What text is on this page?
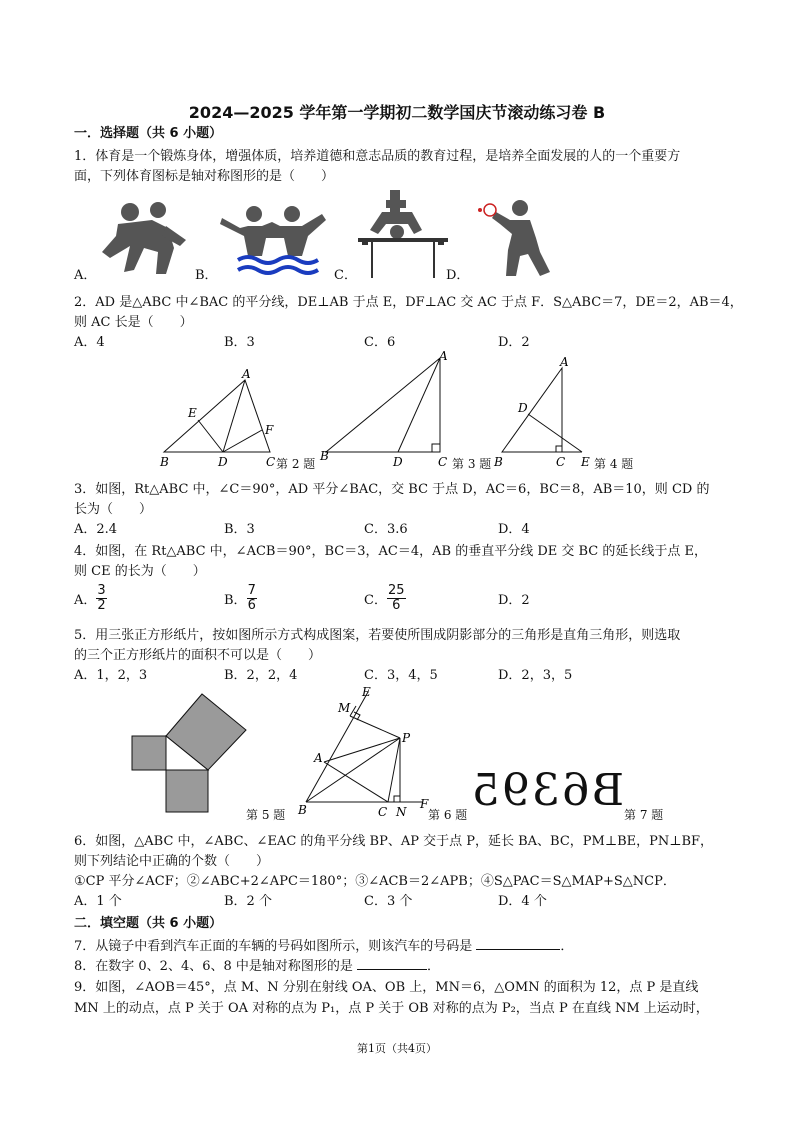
2024—2025 学年第一学期初二数学国庆节滚动练习卷 B
一．选择题（共 6 小题）
1．体育是一个锻炼身体，增强体质，培养道德和意志品质的教育过程，是培养全面发展的人的一个重要方
面，下列体育图标是轴对称图形的是（　　）
A．	B．	C．	D．
2．AD 是△ABC 中∠BAC 的平分线，DE⊥AB 于点 E，DF⊥AC 交 AC 于点 F．S△ABC＝7，DE＝2，AB＝4，
则 AC 长是（　　）
A．4	B．3	C．6	D．2
A
E
F
B	D	C 第 2 题
A
B	D	C 第 3 题
A
D
B	C E 第 4 题
3．如图，Rt△ABC 中，∠C＝90°，AD 平分∠BAC，交 BC 于点 D，AC＝6，BC＝8，AB＝10，则 CD 的
长为（　　）
A．2.4	B．3	C．3.6	D．4
4．如图，在 Rt△ABC 中，∠ACB＝90°，BC＝3，AC＝4，AB 的垂直平分线 DE 交 BC 的延长线于点 E，
则 CE 的长为（　　）
A． $\frac{3}{2}$	B． $\frac{7}{6}$	C． $\frac{25}{6}$	D．2
5．用三张正方形纸片，按如图所示方式构成图案，若要使所围成阴影部分的三角形是直角三角形，则选取
的三个正方形纸片的面积不可以是（　　）
A．1，2，3	B．2，2，4	C．3，4，5	D．2，3，5
第 5 题
E
M
P
A
B	C N
F
第 6 题 B6395 第 7 题
6．如图，△ABC 中，∠ABC、∠EAC 的角平分线 BP、AP 交于点 P，延长 BA、BC，PM⊥BE，PN⊥BF，
则下列结论中正确的个数（　　）
①CP 平分∠ACF；②∠ABC+2∠APC＝180°；③∠ACB＝2∠APB；④S△PAC＝S△MAP+S△NCP．
A．1 个	B．2 个	C．3 个	D．4 个
二．填空题（共 6 小题）
7．从镜子中看到汽车正面的车辆的号码如图所示，则该汽车的号码是	．
8．在数字 0、2、4、6、8 中是轴对称图形的是	．
9．如图，∠AOB＝45°，点 M、N 分别在射线 OA、OB 上，MN＝6，△OMN 的面积为 12，点 P 是直线
MN 上的动点，点 P 关于 OA 对称的点为 P₁，点 P 关于 OB 对称的点为 P₂，当点 P 在直线 NM 上运动时，
第1页（共4页）
